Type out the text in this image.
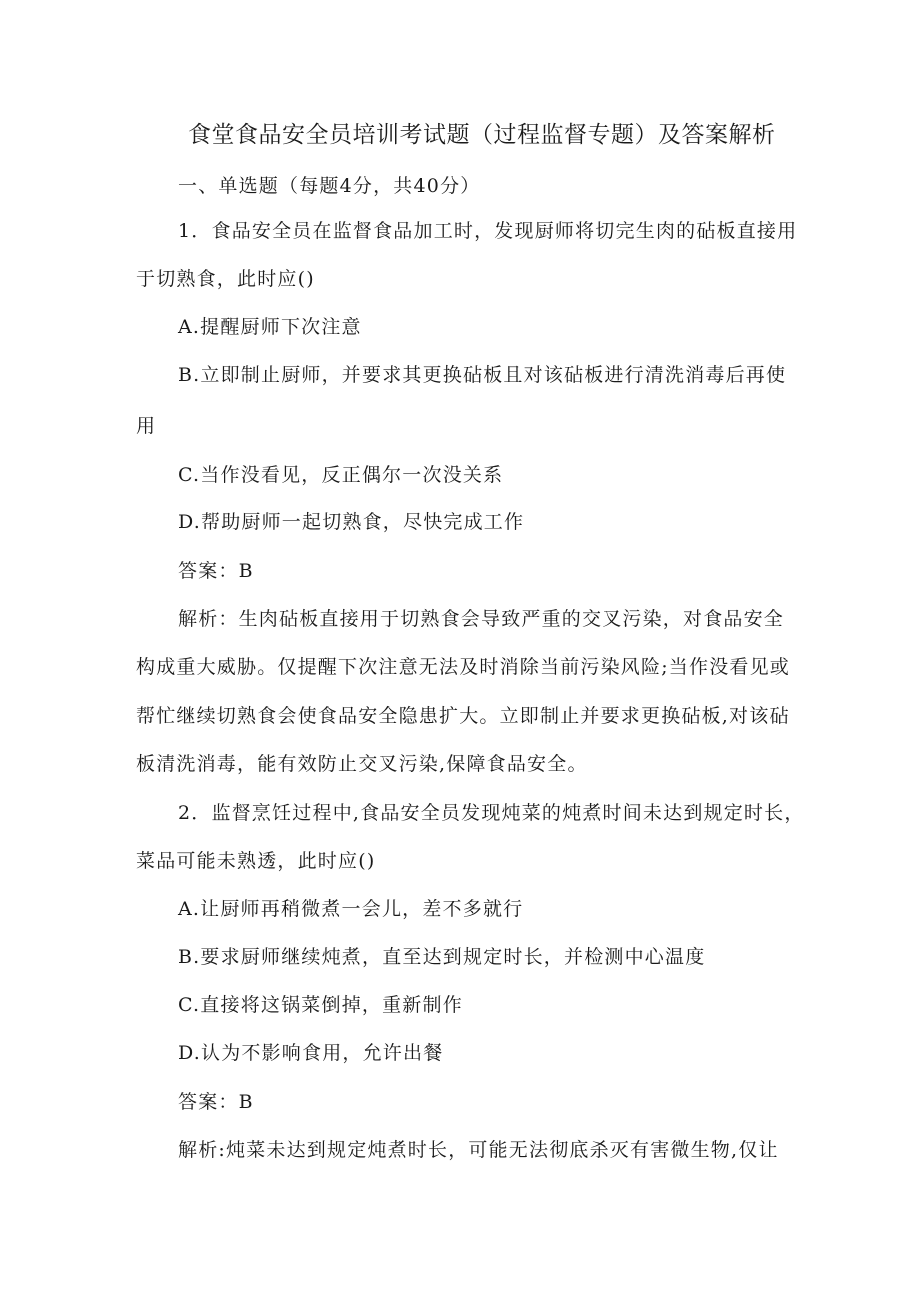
食堂食品安全员培训考试题（过程监督专题）及答案解析
一、单选题（每题4分，共40分）
1．食品安全员在监督食品加工时，发现厨师将切完生肉的砧板直接用
于切熟食，此时应()
A.提醒厨师下次注意
B.立即制止厨师，并要求其更换砧板且对该砧板进行清洗消毒后再使
用
C.当作没看见，反正偶尔一次没关系
D.帮助厨师一起切熟食，尽快完成工作
答案：B
解析：生肉砧板直接用于切熟食会导致严重的交叉污染，对食品安全
构成重大威胁。仅提醒下次注意无法及时消除当前污染风险;当作没看见或
帮忙继续切熟食会使食品安全隐患扩大。立即制止并要求更换砧板,对该砧
板清洗消毒，能有效防止交叉污染,保障食品安全。
2．监督烹饪过程中,食品安全员发现炖菜的炖煮时间未达到规定时长，
菜品可能未熟透，此时应()
A.让厨师再稍微煮一会儿，差不多就行
B.要求厨师继续炖煮，直至达到规定时长，并检测中心温度
C.直接将这锅菜倒掉，重新制作
D.认为不影响食用，允许出餐
答案：B
解析:炖菜未达到规定炖煮时长，可能无法彻底杀灭有害微生物,仅让
